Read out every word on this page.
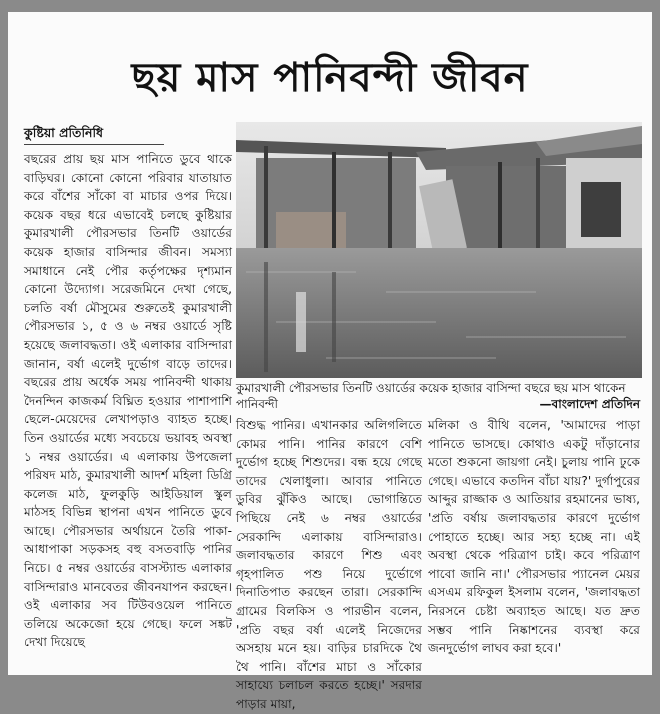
ছয় মাস পানিবন্দী জীবন
কুষ্টিয়া প্রতিনিধি

বছরের প্রায় ছয় মাস পানিতে ডুবে থাকে বাড়িঘর। কোনো কোনো পরিবার যাতায়াত করে বাঁশের সাঁকো বা মাচার ওপর দিয়ে। কয়েক বছর ধরে এভাবেই চলছে কুষ্টিয়ার কুমারখালী পৌরসভার তিনটি ওয়ার্ডের কয়েক হাজার বাসিন্দার জীবন। সমস্যা সমাধানে নেই পৌর কর্তৃপক্ষের দৃশ্যমান কোনো উদ্যোগ। সরেজমিনে দেখা গেছে, চলতি বর্ষা মৌসুমের শুরুতেই কুমারখালী পৌরসভার ১, ৫ ও ৬ নম্বর ওয়ার্ডে সৃষ্টি হয়েছে জলাবদ্ধতা। ওই এলাকার বাসিন্দারা জানান, বর্ষা এলেই দুর্ভোগ বাড়ে তাদের। বছরের প্রায় অর্ধেক সময় পানিবন্দী থাকায় দৈনন্দিন কাজকর্ম বিঘ্নিত হওয়ার পাশাপাশি ছেলে-মেয়েদের লেখাপড়াও ব্যাহত হচ্ছে। তিন ওয়ার্ডের মধ্যে সবচেয়ে ভয়াবহ অবস্থা ১ নম্বর ওয়ার্ডের। এ এলাকায় উপজেলা পরিষদ মাঠ, কুমারখালী আদর্শ মহিলা ডিগ্রি কলেজ মাঠ, ফুলকুড়ি আইডিয়াল স্কুল মাঠসহ বিভিন্ন স্থাপনা এখন পানিতে ডুবে আছে। পৌরসভার অর্থায়নে তৈরি পাকা-আধাপাকা সড়কসহ বহু বসতবাড়ি পানির নিচে। ৫ নম্বর ওয়ার্ডের বাসস্ট্যান্ড এলাকার বাসিন্দারাও মানবেতর জীবনযাপন করছেন। ওই এলাকার সব টিউবওয়েল পানিতে তলিয়ে অকেজো হয়ে গেছে। ফলে সঙ্কট দেখা দিয়েছে

কুমারখালী পৌরসভার তিনটি ওয়ার্ডের কয়েক হাজার বাসিন্দা বছরে ছয় মাস থাকেন পানিবন্দী	—বাংলাদেশ প্রতিদিন

বিশুদ্ধ পানির। এখানকার অলিগলিতে কোমর পানি। পানির কারণে বেশি দুর্ভোগ হচ্ছে শিশুদের। বন্ধ হয়ে গেছে তাদের খেলাধুলা। আবার পানিতে ডুবির ঝুঁকিও আছে। ভোগান্তিতে পিছিয়ে নেই ৬ নম্বর ওয়ার্ডের সেরকান্দি এলাকায় বাসিন্দারাও। জলাবদ্ধতার কারণে শিশু এবং গৃহপালিত পশু নিয়ে দুর্ভোগে দিনাতিপাত করছেন তারা। সেরকান্দি গ্রামের বিলকিস ও পারভীন বলেন, 'প্রতি বছর বর্ষা এলেই নিজেদের অসহায় মনে হয়। বাড়ির চারদিকে থৈ থৈ পানি। বাঁশের মাচা ও সাঁকোর সাহায্যে চলাচল করতে হচ্ছে।' সরদার পাড়ার মায়া,

মলিকা ও বীথি বলেন, 'আমাদের পাড়া পানিতে ভাসছে। কোথাও একটু দাঁড়ানোর মতো শুকনো জায়গা নেই। চুলায় পানি ঢুকে গেছে। এভাবে কতদিন বাঁচা যায়?' দুর্গাপুরের আব্দুর রাজ্জাক ও আতিয়ার রহমানের ভাষ্য, 'প্রতি বর্ষায় জলাবদ্ধতার কারণে দুর্ভোগ পোহাতে হচ্ছে। আর সহ্য হচ্ছে না। এই অবস্থা থেকে পরিত্রাণ চাই। কবে পরিত্রাণ পাবো জানি না।' পৌরসভার প্যানেল মেয়র এসএম রফিকুল ইসলাম বলেন, 'জলাবদ্ধতা নিরসনে চেষ্টা অব্যাহত আছে। যত দ্রুত সম্ভব পানি নিষ্কাশনের ব্যবস্থা করে জনদুর্ভোগ লাঘব করা হবে।'
